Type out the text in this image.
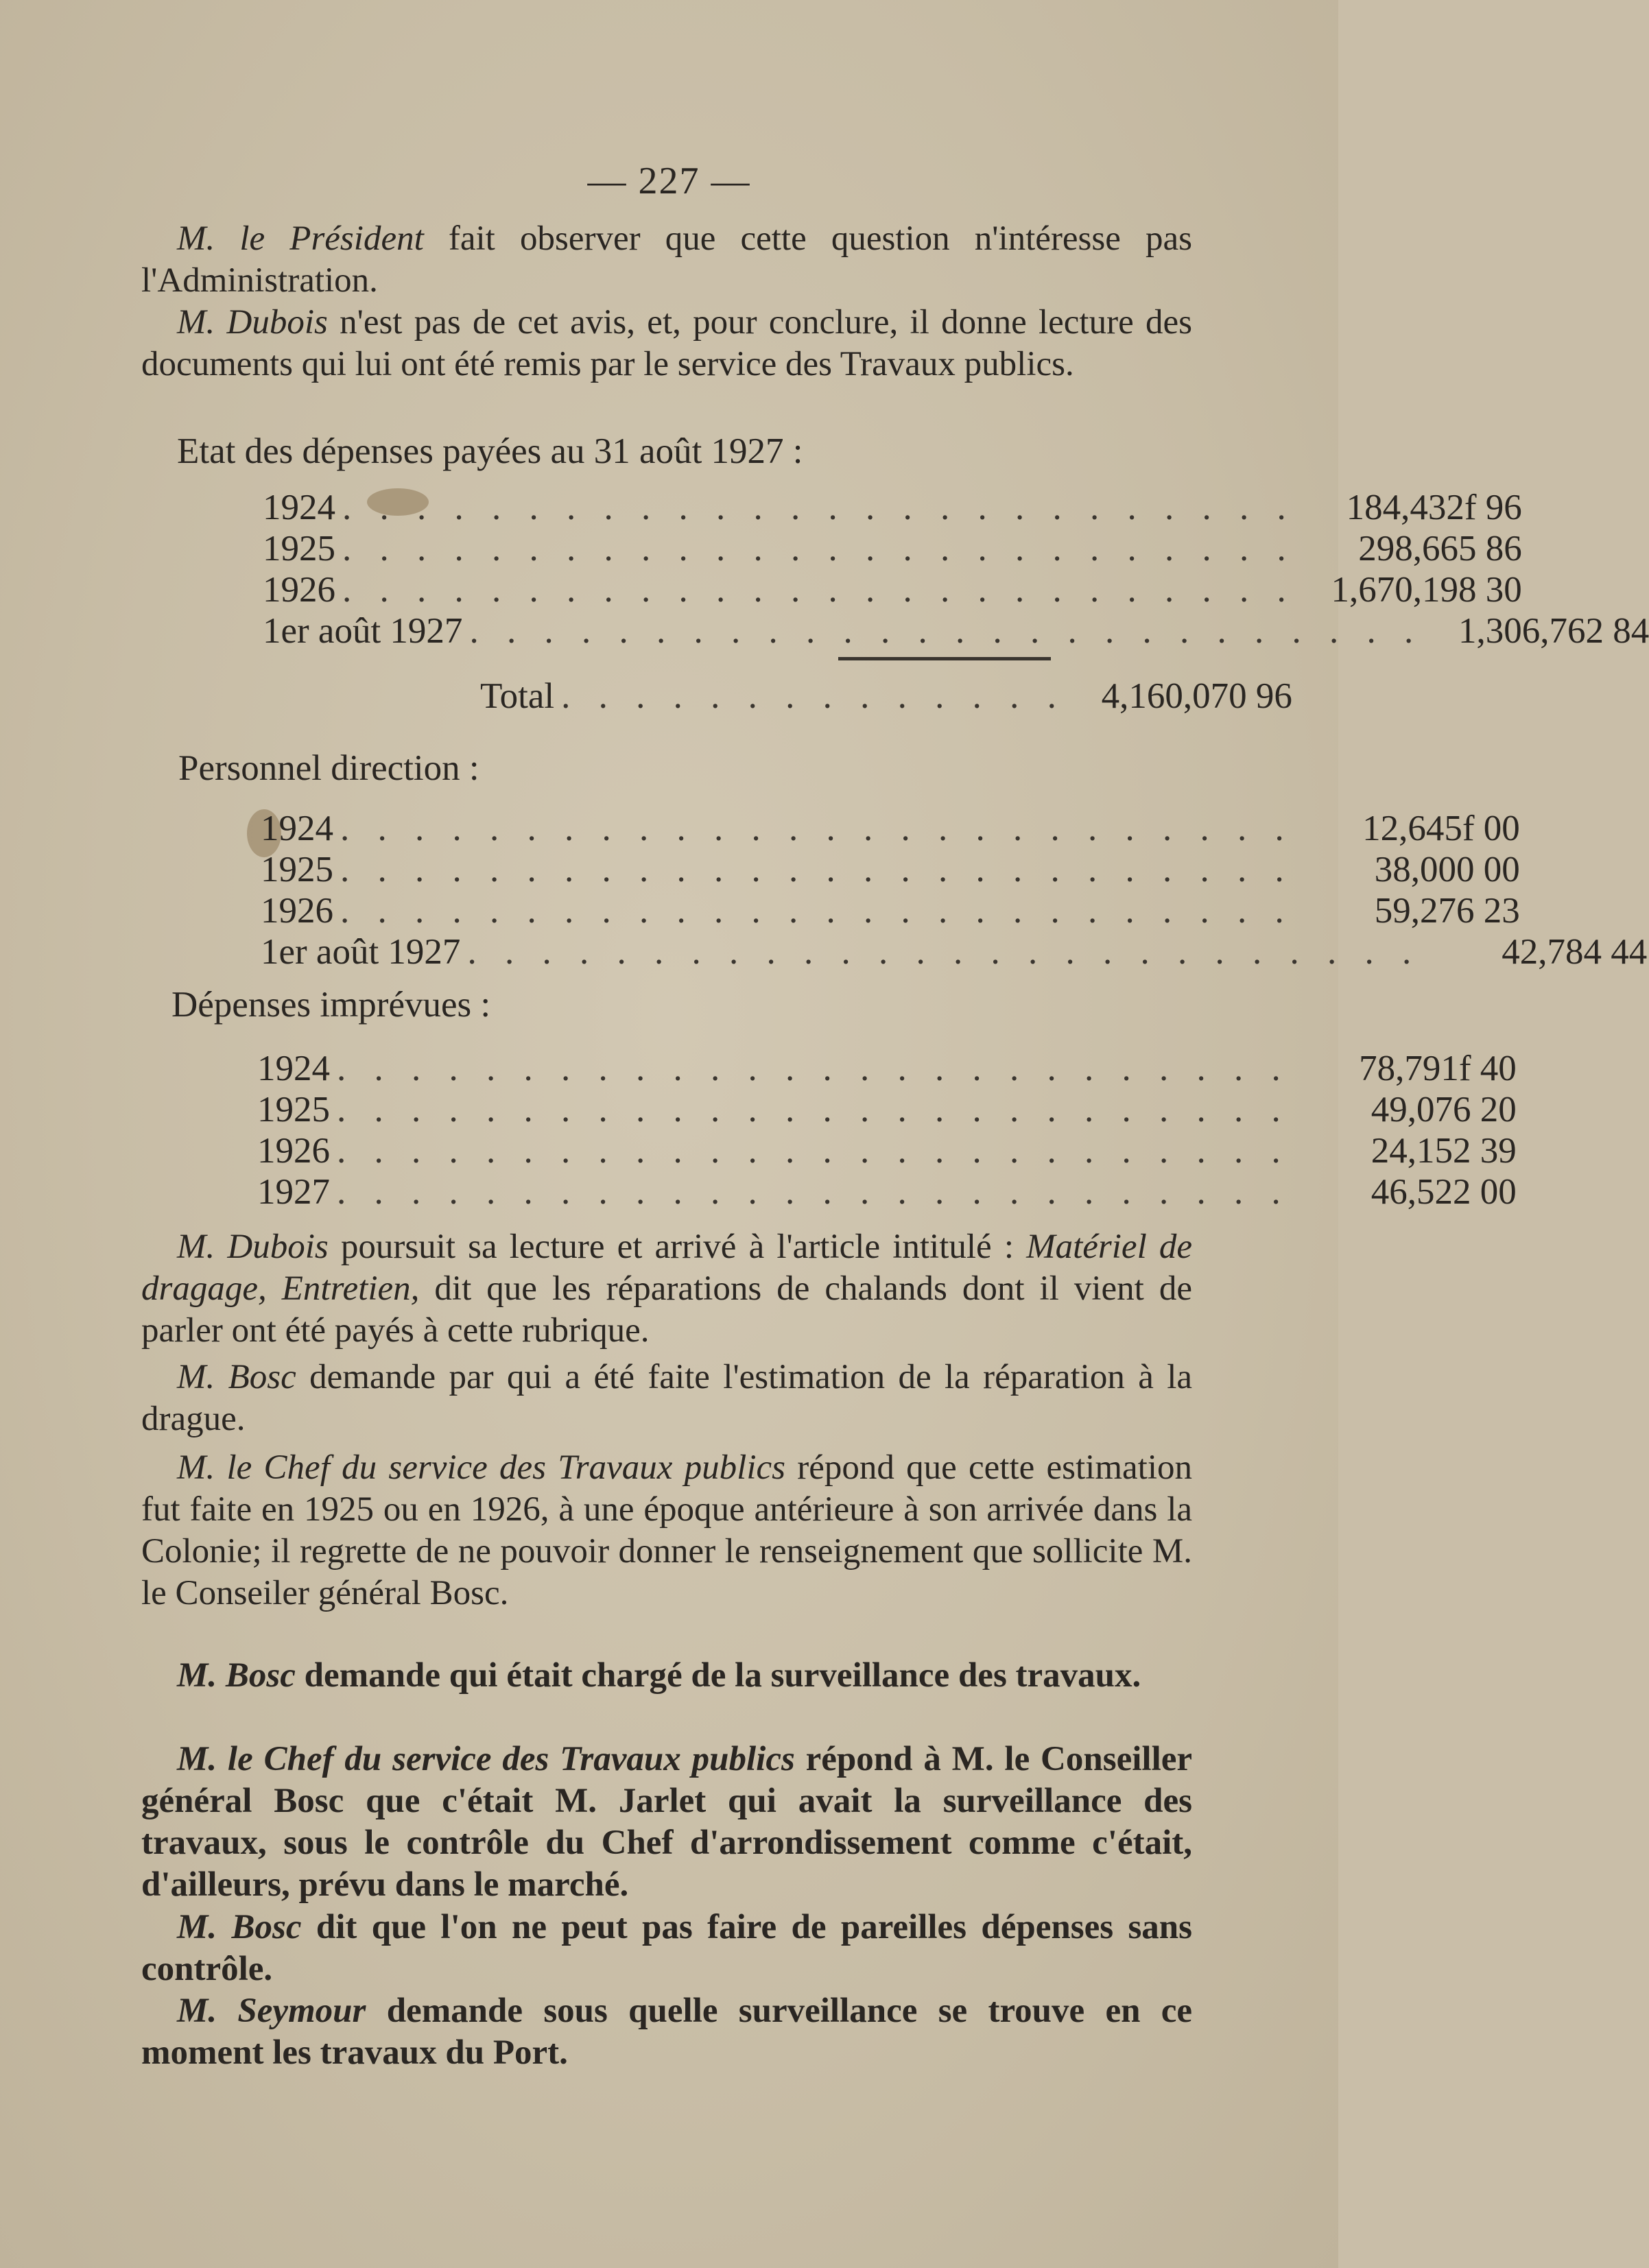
— 227 —
M. le Président fait observer que cette question n'intéresse pas l'Administration.
M. Dubois n'est pas de cet avis, et, pour conclure, il donne lecture des documents qui lui ont été remis par le service des Travaux publics.
Etat des dépenses payées au 31 août 1927 :
1924 . . . . . . . . . . . . . . . . . . . . . . . . . .	184,432f 96
1925 . . . . . . . . . . . . . . . . . . . . . . . . . .	298,665 86
1926 . . . . . . . . . . . . . . . . . . . . . . . . . . 1,670,198 30
1er août 1927 . . . . . . . . . . . . . . . . . . . . . . . . . . 1,306,762 84
Total . . . . . . . . . . . . . . 4,160,070 96
Personnel direction :
1924 . . . . . . . . . . . . . . . . . . . . . . . . . .	12,645f 00
1925 . . . . . . . . . . . . . . . . . . . . . . . . . .	38,000 00
1926 . . . . . . . . . . . . . . . . . . . . . . . . . .	59,276 23
1er août 1927 . . . . . . . . . . . . . . . . . . . . . . . . . .	42,784 44
Dépenses imprévues :
1924 . . . . . . . . . . . . . . . . . . . . . . . . . .	78,791f 40
1925 . . . . . . . . . . . . . . . . . . . . . . . . . .	49,076 20
1926 . . . . . . . . . . . . . . . . . . . . . . . . . .	24,152 39
1927 . . . . . . . . . . . . . . . . . . . . . . . . . .	46,522 00
M. Dubois poursuit sa lecture et arrivé à l'article intitulé : Matériel de dragage, Entretien, dit que les réparations de chalands dont il vient de parler ont été payés à cette rubrique.
M. Bosc demande par qui a été faite l'estimation de la réparation à la drague.
M. le Chef du service des Travaux publics répond que cette estimation fut faite en 1925 ou en 1926, à une époque antérieure à son arrivée dans la Colonie; il regrette de ne pouvoir donner le renseignement que sollicite M. le Conseiler général Bosc.
M. Bosc demande qui était chargé de la surveillance des travaux.
M. le Chef du service des Travaux publics répond à M. le Conseiller général Bosc que c'était M. Jarlet qui avait la surveillance des travaux, sous le contrôle du Chef d'arrondissement comme c'était, d'ailleurs, prévu dans le marché.
M. Bosc dit que l'on ne peut pas faire de pareilles dépenses sans contrôle.
M. Seymour demande sous quelle surveillance se trouve en ce moment les travaux du Port.
